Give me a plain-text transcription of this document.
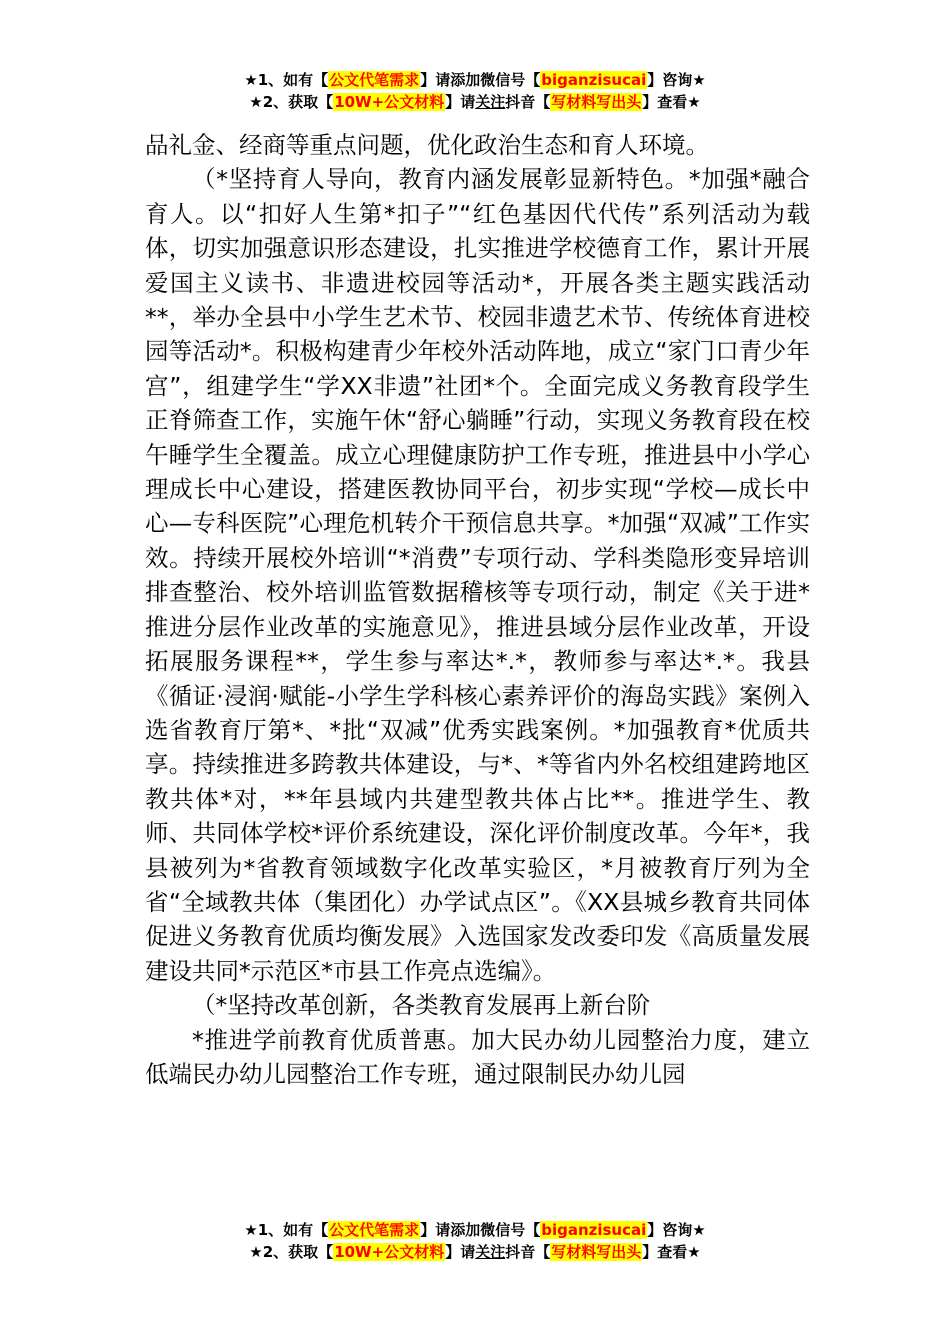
★1、如有【公文代笔需求】请添加微信号【biganzisucai】咨询★
★2、获取【10W+公文材料】请关注抖音【写材料写出头】查看★

品礼金、经商等重点问题，优化政治生态和育人环境。

（*坚持育人导向，教育内涵发展彰显新特色。*加强*融合育人。以“扣好人生第*扣子”“红色基因代代传”系列活动为载体，切实加强意识形态建设，扎实推进学校德育工作，累计开展爱国主义读书、非遗进校园等活动*，开展各类主题实践活动**，举办全县中小学生艺术节、校园非遗艺术节、传统体育进校园等活动*。积极构建青少年校外活动阵地，成立“家门口青少年宫”，组建学生“学XX非遗”社团*个。全面完成义务教育段学生正脊筛查工作，实施午休“舒心躺睡”行动，实现义务教育段在校午睡学生全覆盖。成立心理健康防护工作专班，推进县中小学心理成长中心建设，搭建医教协同平台，初步实现“学校—成长中心—专科医院”心理危机转介干预信息共享。*加强“双减”工作实效。持续开展校外培训“*消费”专项行动、学科类隐形变异培训排查整治、校外培训监管数据稽核等专项行动，制定《关于进*推进分层作业改革的实施意见》，推进县域分层作业改革，开设拓展服务课程**，学生参与率达*.*，教师参与率达*.*。我县《循证·浸润·赋能-小学生学科核心素养评价的海岛实践》案例入选省教育厅第*、*批“双减”优秀实践案例。*加强教育*优质共享。持续推进多跨教共体建设，与*、*等省内外名校组建跨地区教共体*对，**年县域内共建型教共体占比**。推进学生、教师、共同体学校*评价系统建设，深化评价制度改革。今年*，我县被列为*省教育领域数字化改革实验区，*月被教育厅列为全省“全域教共体（集团化）办学试点区”。《XX县城乡教育共同体促进义务教育优质均衡发展》入选国家发改委印发《高质量发展建设共同*示范区*市县工作亮点选编》。

（*坚持改革创新，各类教育发展再上新台阶

*推进学前教育优质普惠。加大民办幼儿园整治力度，建立低端民办幼儿园整治工作专班，通过限制民办幼儿园

★1、如有【公文代笔需求】请添加微信号【biganzisucai】咨询★
★2、获取【10W+公文材料】请关注抖音【写材料写出头】查看★
